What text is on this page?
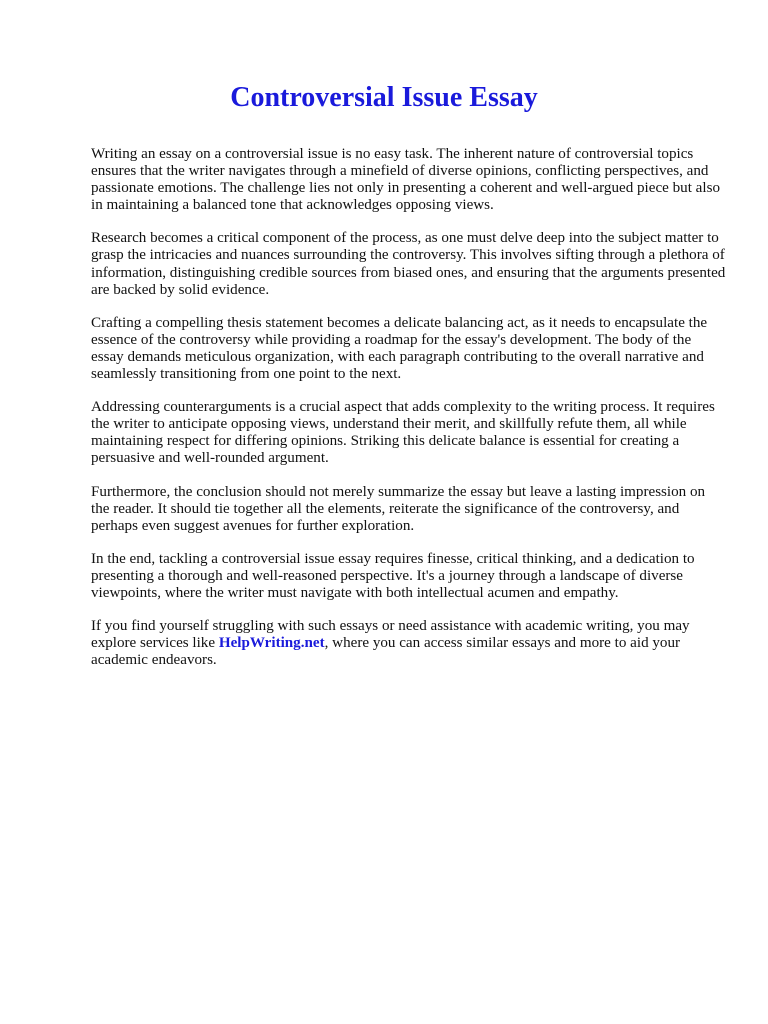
Controversial Issue Essay

Writing an essay on a controversial issue is no easy task. The inherent nature of controversial topics ensures that the writer navigates through a minefield of diverse opinions, conflicting perspectives, and passionate emotions. The challenge lies not only in presenting a coherent and well-argued piece but also in maintaining a balanced tone that acknowledges opposing views.

Research becomes a critical component of the process, as one must delve deep into the subject matter to grasp the intricacies and nuances surrounding the controversy. This involves sifting through a plethora of information, distinguishing credible sources from biased ones, and ensuring that the arguments presented are backed by solid evidence.

Crafting a compelling thesis statement becomes a delicate balancing act, as it needs to encapsulate the essence of the controversy while providing a roadmap for the essay's development. The body of the essay demands meticulous organization, with each paragraph contributing to the overall narrative and seamlessly transitioning from one point to the next.

Addressing counterarguments is a crucial aspect that adds complexity to the writing process. It requires the writer to anticipate opposing views, understand their merit, and skillfully refute them, all while maintaining respect for differing opinions. Striking this delicate balance is essential for creating a persuasive and well-rounded argument.

Furthermore, the conclusion should not merely summarize the essay but leave a lasting impression on the reader. It should tie together all the elements, reiterate the significance of the controversy, and perhaps even suggest avenues for further exploration.

In the end, tackling a controversial issue essay requires finesse, critical thinking, and a dedication to presenting a thorough and well-reasoned perspective. It's a journey through a landscape of diverse viewpoints, where the writer must navigate with both intellectual acumen and empathy.

If you find yourself struggling with such essays or need assistance with academic writing, you may explore services like HelpWriting.net, where you can access similar essays and more to aid your academic endeavors.
